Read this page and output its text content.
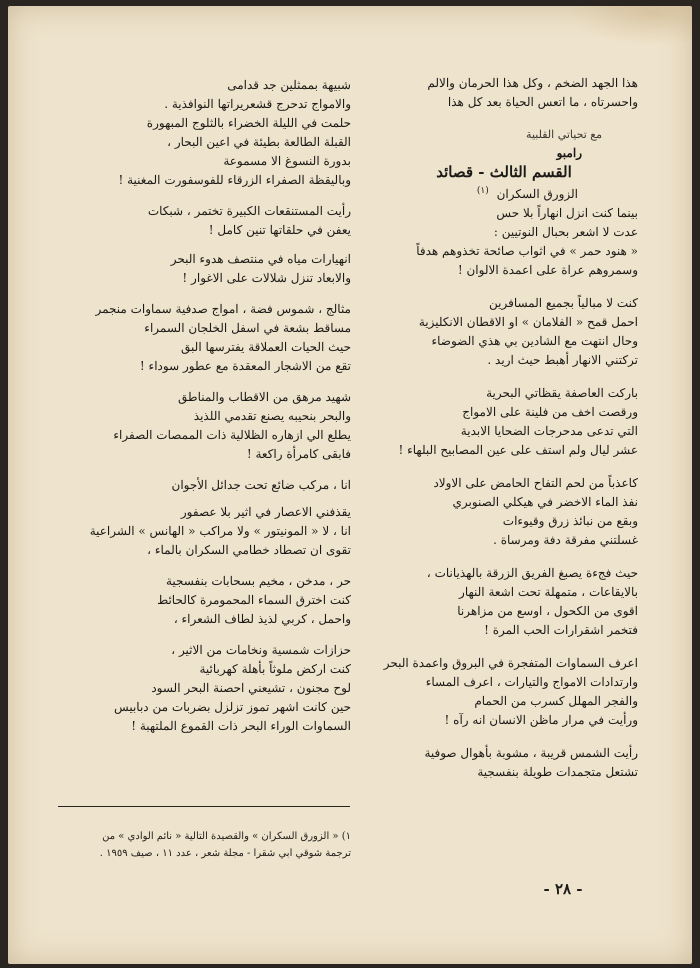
هذا الجهد الضخم ، وكل هذا الحرمان والالم

واحسرتاه ، ما اتعس الحياة بعد كل هذا

مع تحياتي القلبية

رامبو

القسم الثالث - قصائد

الزورق السكران $^{(١)}$

بينما كنت انزل انهاراً بلا حس

عدت لا اشعر بحبال النوتيين :

« هنود حمر » في اثواب صائحة تخذوهم هدفاً

وسمروهم عراة على اعمدة الالوان !

كنت لا مبالياً بجميع المسافرين

احمل قمح « الفلامان » او الاقطان الانكليزية

وحال انتهت مع الشادين بي هذي الضوضاء

تركتني الانهار أهبط حيث اريد .

باركت العاصفة يقظاتي البحرية

ورقصت اخف من فلينة على الامواج

التي تدعى مدحرجات الضحايا الابدية

عشر ليال ولم استف على عين المصابيح البلهاء !

كاعذباً من لحم التفاح الحامض على الاولاد

نفذ الماء الاخضر في هيكلي الصنوبري

وبقع من نبائذ زرق وقيوءات

غسلتني مفرقة دفة ومرساة .

حيث فجءة يصبغ الفريق الزرقة بالهذيانات ،

بالايقاعات ، متمهلة تحت اشعة النهار

اقوى من الكحول ، اوسع من مزاهرنا

فتخمر اشقرارات الحب المرة !

اعرف السماوات المتفجرة في البروق واعمدة البحر

وارتدادات الامواج والتيارات ، اعرف المساء

والفجر المهلل كسرب من الحمام

ورأيت في مرار ماظن الانسان انه رآه !

رأيت الشمس قريبة ، مشوبة بأهوال صوفية

تشتعل متجمدات طويلة بنفسجية

شبيهة بممثلين جد قدامى

والامواج تدحرج قشعريراتها النوافذية .

حلمت في الليلة الخضراء بالثلوج المبهورة

القبلة الطالعة بطيئة في اعين البحار ،

بدورة النسوغ الا مسموعة

وباليقظة الصفراء الزرقاء للفوسفورت المغنية !

رأيت المستنقعات الكبيرة تختمر ، شبكات

يعفن في حلقاتها تنين كامل !

انهيارات مياه في منتصف هدوء البحر

والابعاد تنزل شلالات على الاغوار !

مثالج ، شموس فضة ، امواج صدفية سماوات منجمر

مساقط بشعة في اسفل الخلجان السمراء

حيث الحيات العملاقة يفترسها البق

تقع من الاشجار المعقدة مع عطور سوداء !

شهيد مرهق من الاقطاب والمناطق

والبحر بنحيبه يصنع تقدمي اللذيذ

يطلع الي ازهاره الظلالية ذات الممصات الصفراء

فابقى كامرأة راكعة !

انا ، مركب ضائع تحت جدائل الأجوان

يقذفني الاعصار في اثير بلا عصفور

انا ، لا « المونيتور » ولا مراكب « الهانس » الشراعية

تقوى ان تصطاد خطامي السكران بالماء ،

حر ، مدخن ، مخيم بسحابات بنفسجية

كنت اخترق السماء المحمومرة كالحائط

واحمل ، كربي لذيذ لطاف الشعراء ،

حزازات شمسية ونخامات من الاثير ،

كنت اركض ملوثاً بأهلة كهربائية

لوح مجنون ، تشيعني احصنة البحر السود

حين كانت اشهر تموز تزلزل بضربات من دبابيس

السماوات الوراء البحر ذات القموع الملتهبة !

١) « الزورق السكران » والقصيدة التالية « نائم الوادي » من

ترجمة شوقي ابي شقرا - مجلة شعر ، عدد ١١ ، صيف ١٩٥٩ .

- ٢٨ -
